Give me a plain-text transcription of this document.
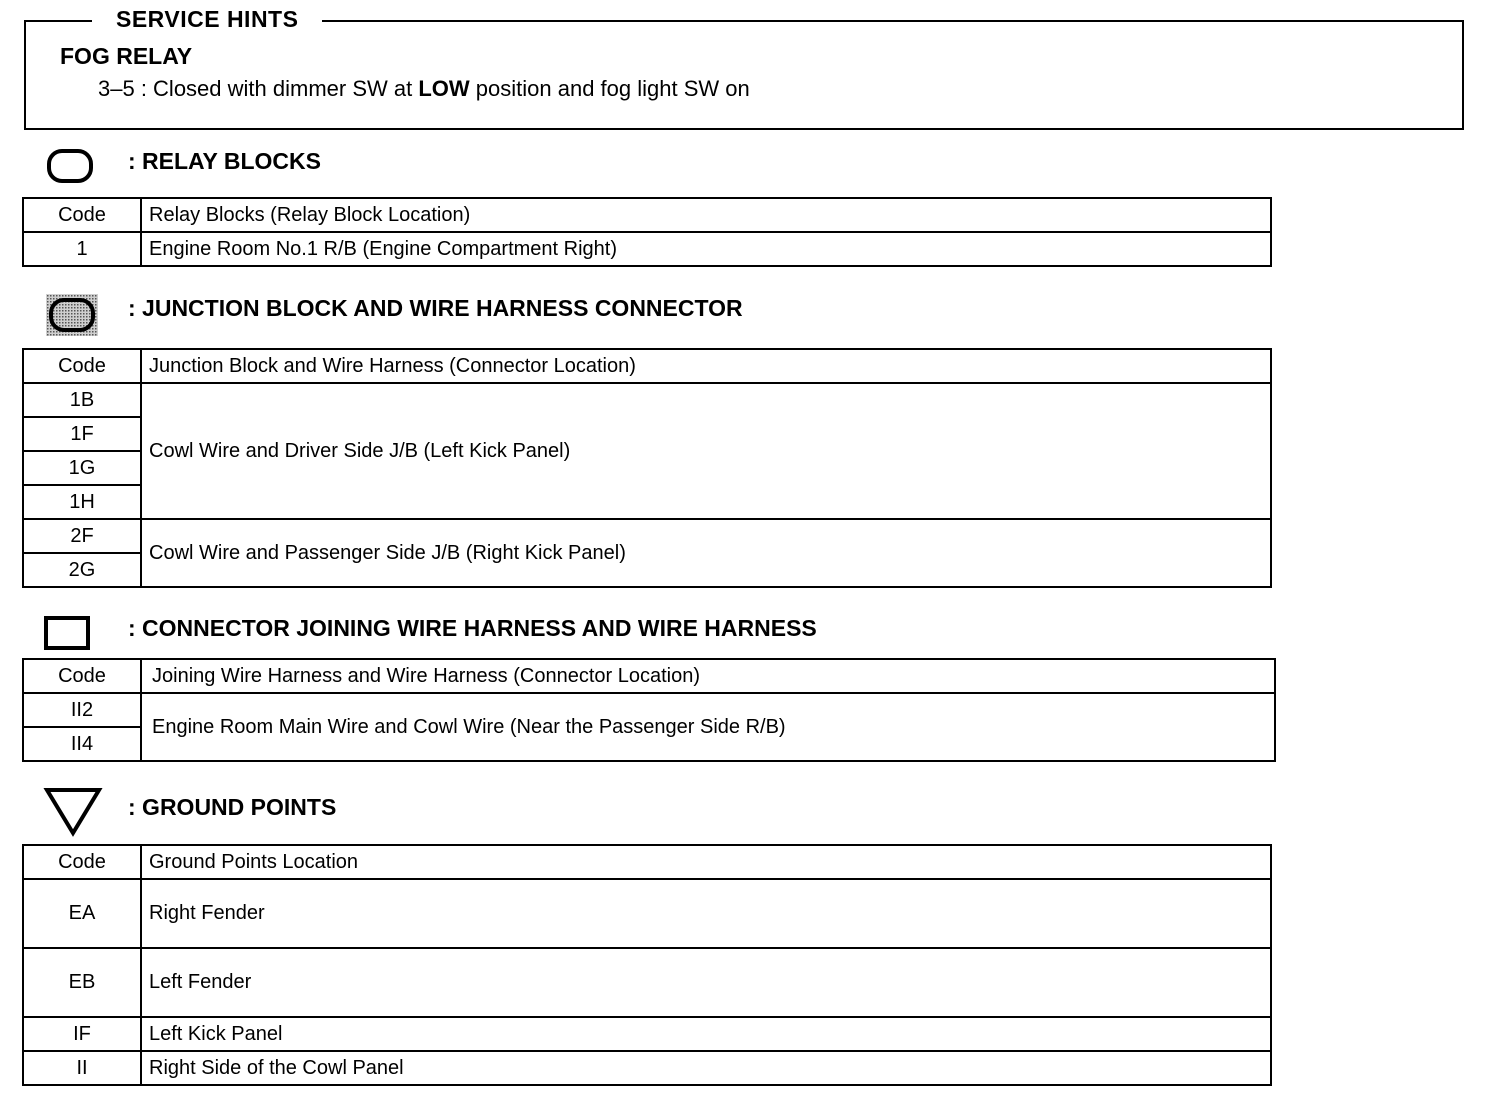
SERVICE HINTS
FOG RELAY
3–5 : Closed with dimmer SW at LOW position and fog light SW on
: RELAY BLOCKS
Code	Relay Blocks (Relay Block Location)
1	Engine Room No.1 R/B (Engine Compartment Right)
: JUNCTION BLOCK AND WIRE HARNESS CONNECTOR
Code	Junction Block and Wire Harness (Connector Location)
1B	Cowl Wire and Driver Side J/B (Left Kick Panel)
1F	
1G	
1H	
2F	Cowl Wire and Passenger Side J/B (Right Kick Panel)
2G	
: CONNECTOR JOINING WIRE HARNESS AND WIRE HARNESS
Code	Joining Wire Harness and Wire Harness (Connector Location)
II2	Engine Room Main Wire and Cowl Wire (Near the Passenger Side R/B)
II4	
: GROUND POINTS
Code	Ground Points Location
EA	Right Fender
EB	Left Fender
IF	Left Kick Panel
II	Right Side of the Cowl Panel
